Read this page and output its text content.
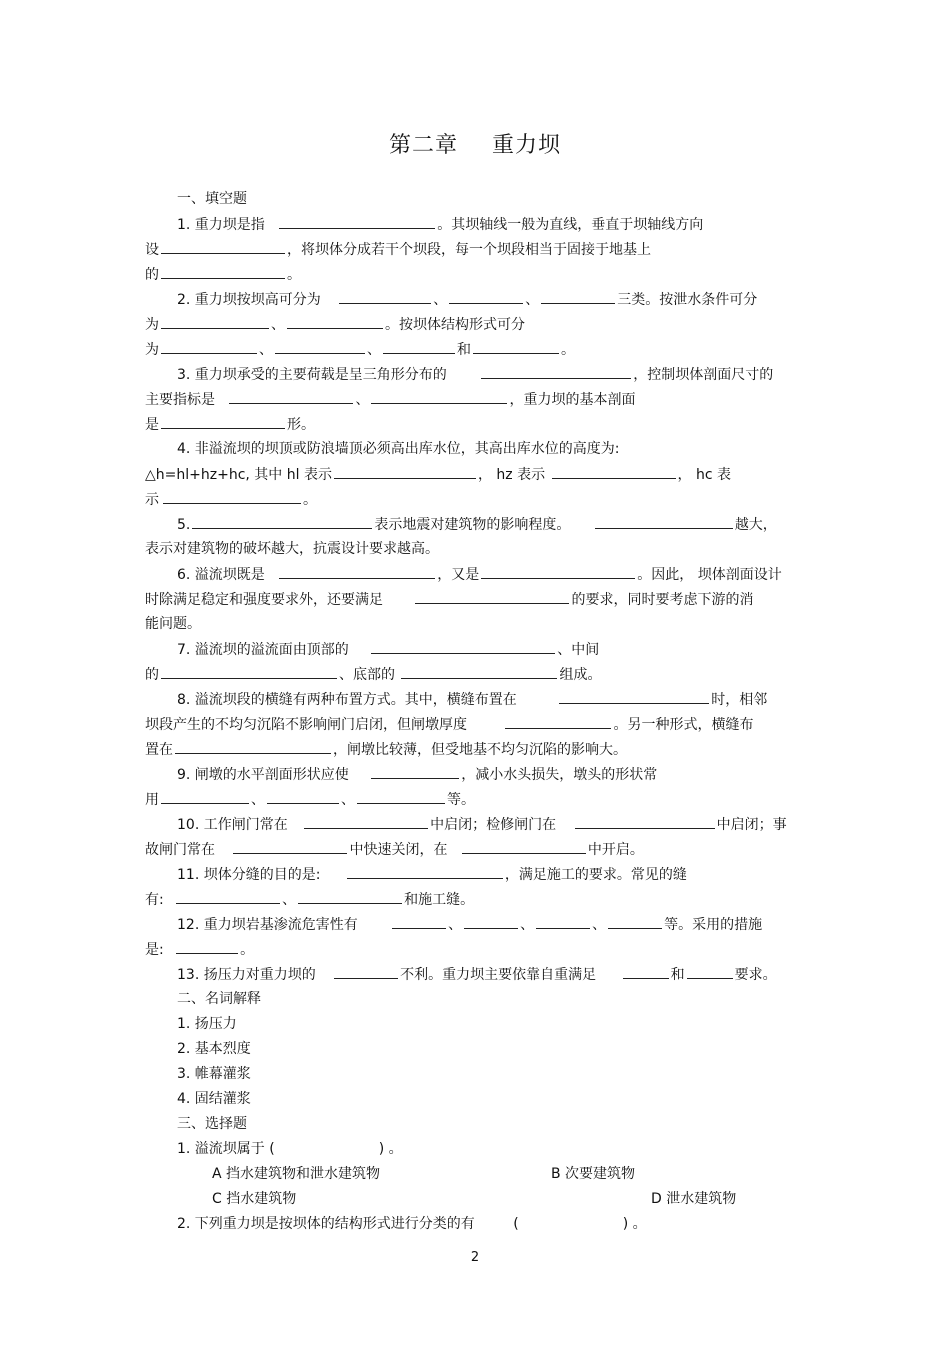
第二章 重力坝
一、填空题
1. 重力坝是指	。其坝轴线一般为直线，垂直于坝轴线方向
设	，将坝体分成若干个坝段，每一个坝段相当于固接于地基上
的	。
2. 重力坝按坝高可分为	、	、	三类。按泄水条件可分
为	、	。按坝体结构形式可分
为	、	、	和	。
3. 重力坝承受的主要荷载是呈三角形分布的	，控制坝体剖面尺寸的
主要指标是	、	，重力坝的基本剖面
是	形。
4. 非溢流坝的坝顶或防浪墙顶必须高出库水位，其高出库水位的高度为:
△h=hl+hz+hc, 其中 hl 表示	， hz 表示	， hc 表
示	。
5.	表示地震对建筑物的影响程度。	越大，
表示对建筑物的破坏越大，抗震设计要求越高。
6. 溢流坝既是	，又是	。因此， 坝体剖面设计
时除满足稳定和强度要求外，还要满足	的要求，同时要考虑下游的消
能问题。
7. 溢流坝的溢流面由顶部的	、中间
的	、底部的	组成。
8. 溢流坝段的横缝有两种布置方式。其中，横缝布置在	时，相邻
坝段产生的不均匀沉陷不影响闸门启闭，但闸墩厚度	。另一种形式，横缝布
置在	，闸墩比较薄，但受地基不均匀沉陷的影响大。
9. 闸墩的水平剖面形状应使	，减小水头损失，墩头的形状常
用	、	、	等。
10. 工作闸门常在	中启闭；检修闸门在	中启闭；事
故闸门常在	中快速关闭，在	中开启。
11. 坝体分缝的目的是:	，满足施工的要求。常见的缝
有:	、	和施工缝。
12. 重力坝岩基渗流危害性有	、	、	、	等。采用的措施
是:	。
13. 扬压力对重力坝的	不利。重力坝主要依靠自重满足	和	要求。
二、名词解释
1. 扬压力
2. 基本烈度
3. 帷幕灌浆
4. 固结灌浆
三、选择题
1. 溢流坝属于 (	) 。
A 挡水建筑物和泄水建筑物	B 次要建筑物
C 挡水建筑物	D 泄水建筑物
2. 下列重力坝是按坝体的结构形式进行分类的有	(	) 。
2
